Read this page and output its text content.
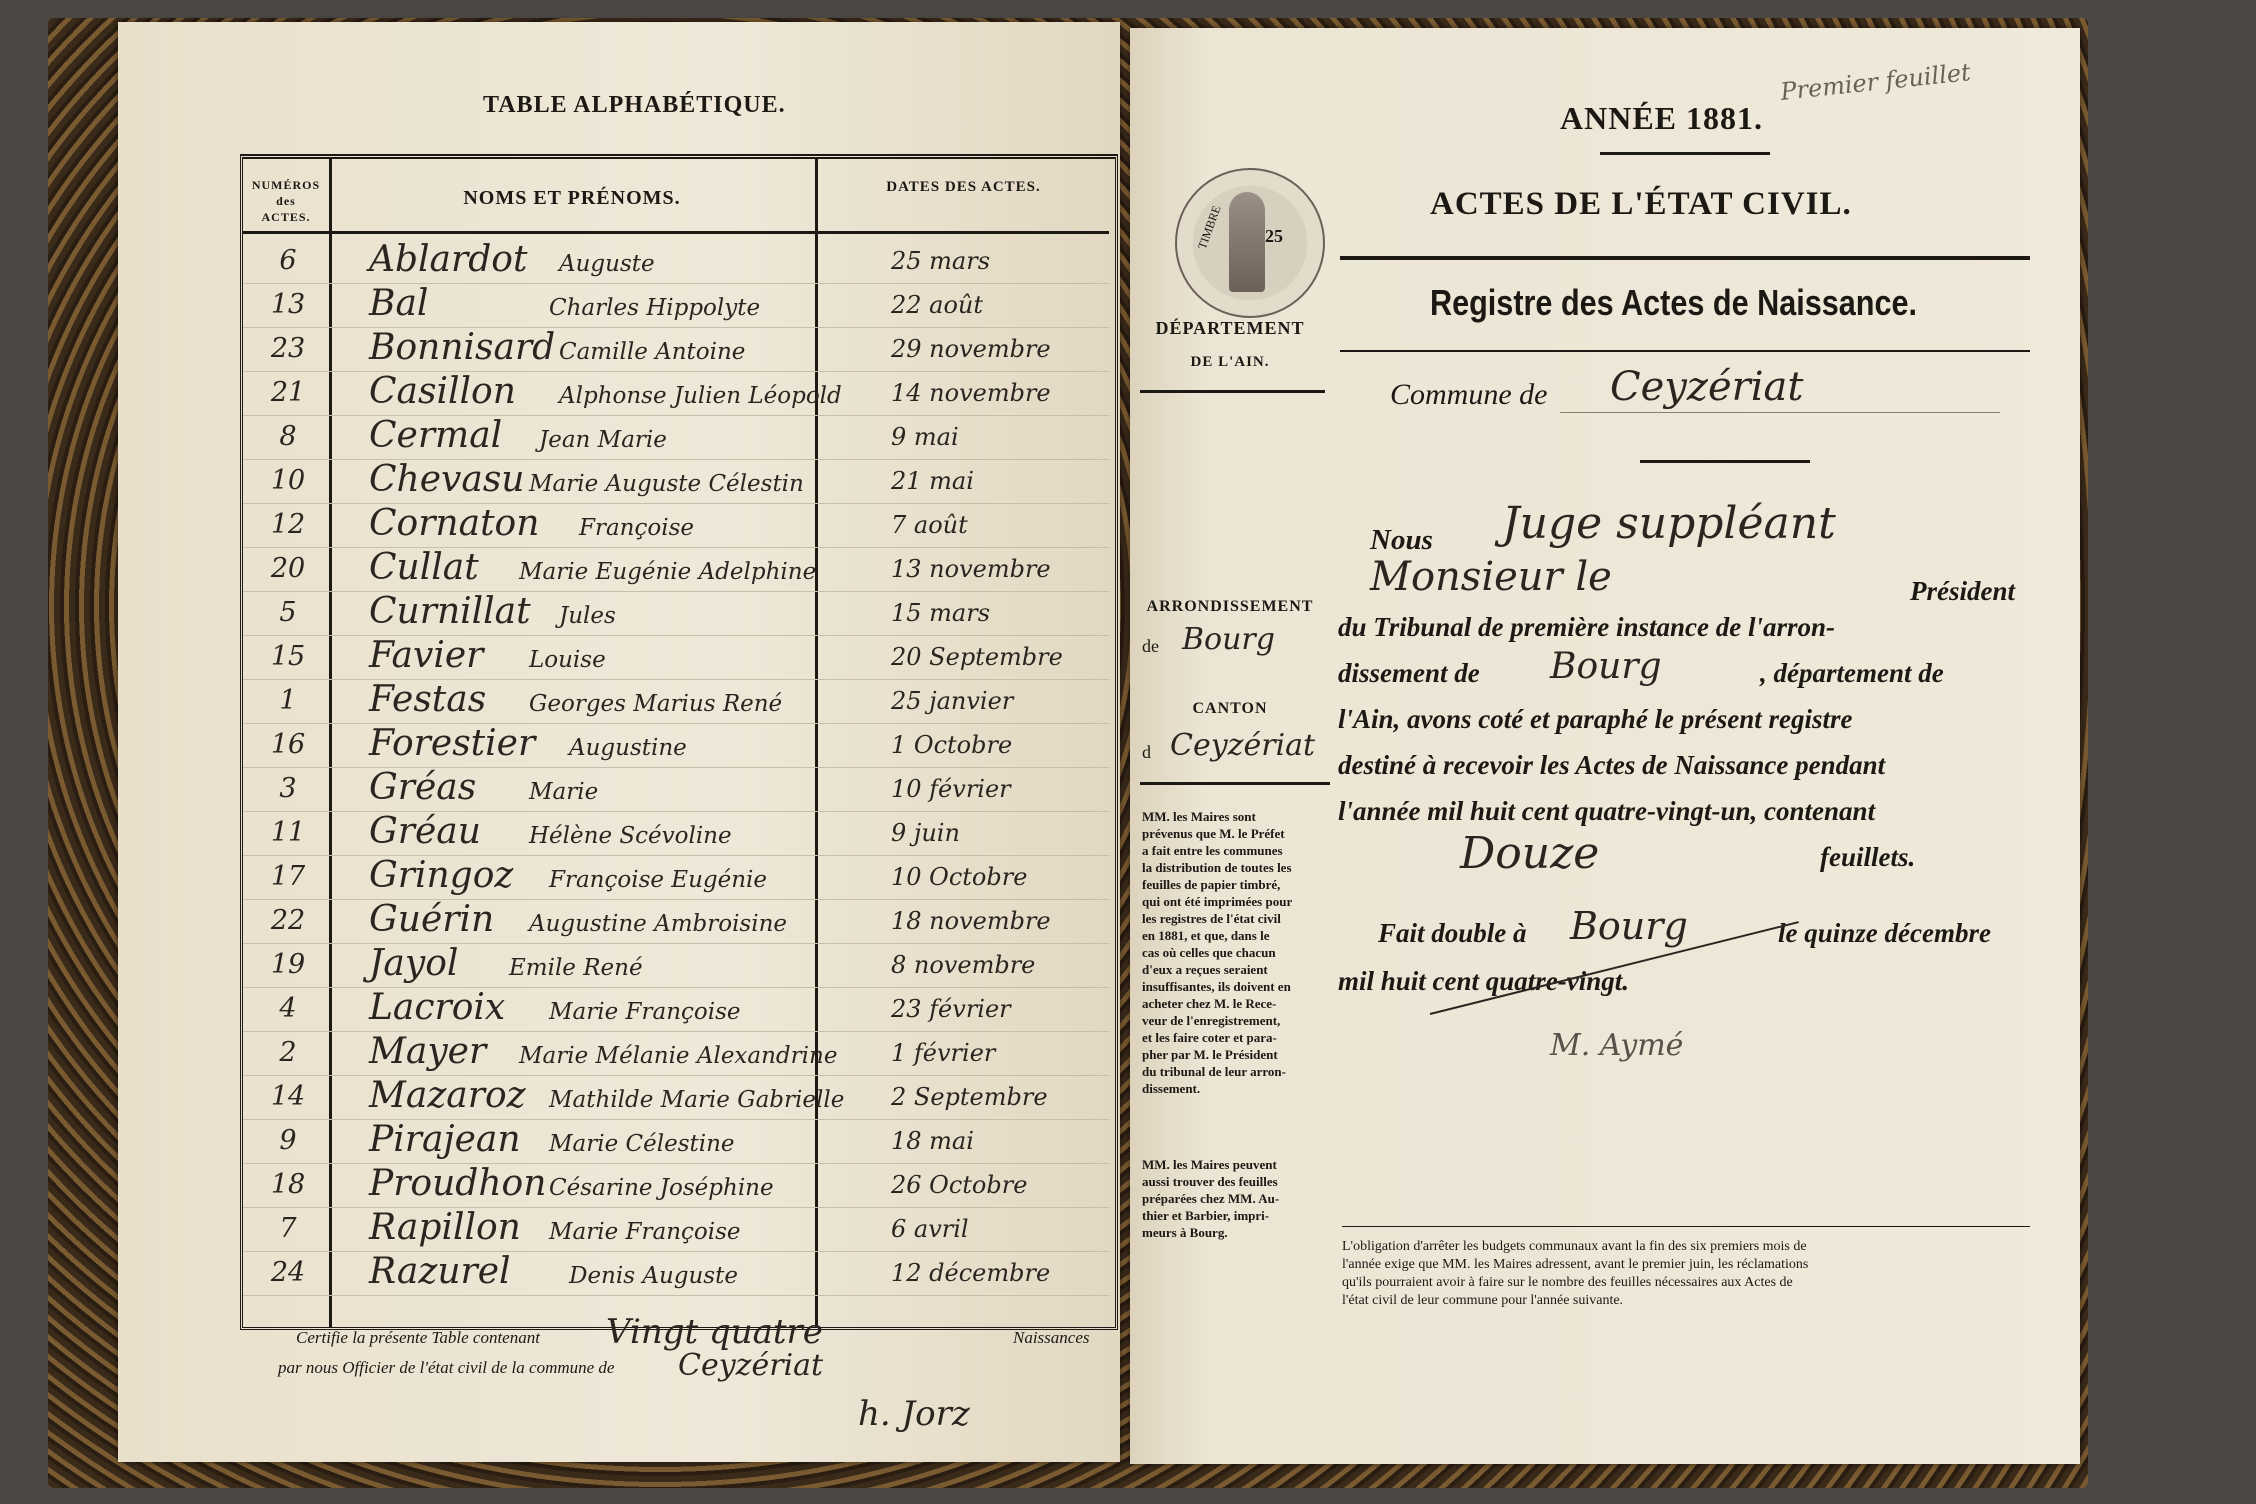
TABLE ALPHABÉTIQUE.
NUMÉROS
des
ACTES.
NOMS ET PRÉNOMS.	DATES DES ACTES.
6	Ablardot Auguste	25 mars
13	Bal	Charles Hippolyte	22 août
23	Bonnisard Camille Antoine	29 novembre
21	Casillon Alphonse Julien Léopold 14 novembre
8	Cermal Jean Marie	9 mai
10	Chevasu Marie Auguste Célestin	21 mai
12	Cornaton Françoise	7 août
20	Cullat Marie Eugénie Adelphine	13 novembre
5	Curnillat Jules	15 mars
15	Favier Louise	20 Septembre
1	Festas Georges Marius René	25 janvier
16	Forestier Augustine	1 Octobre
3	Gréas Marie	10 février
11	Gréau Hélène Scévoline	9 juin
17	Gringoz Françoise Eugénie	10 Octobre
22	Guérin Augustine Ambroisine	18 novembre
19	Jayol Emile René	8 novembre
4	Lacroix Marie Françoise	23 février
2	Mayer Marie Mélanie Alexandrine 1 février
14	Mazaroz Mathilde Marie Gabrielle 2 Septembre
9	Pirajean Marie Célestine	18 mai
18	Proudhon Césarine Joséphine	26 Octobre
7	Rapillon Marie Françoise	6 avril
24	Razurel	Denis Auguste	12 décembre
Certifie la présente Table contenant Vingt quatre	Naissances
par nous Officier de l'état civil de la commune de Ceyzériat
h. Jorz
Premier feuillet
ANNÉE 1881.
ACTES DE L'ÉTAT CIVIL.
Registre des Actes de Naissance.
TIMBRE 25
DÉPARTEMENT
DE L'AIN.
Commune de Ceyzériat
Nous Juge suppléant
Monsieur le	Président
ARRONDISSEMENT
de Bourg
CANTON
d Ceyzériat
du Tribunal de première instance de l'arron-
dissement de Bourg	, département de
l'Ain, avons coté et paraphé le présent registre
destiné à recevoir les Actes de Naissance pendant
l'année mil huit cent quatre-vingt-un, contenant
Douze	feuillets.
Fait double à Bourg	le quinze décembre
mil huit cent quatre-vingt.
M. Aymé
MM. les Maires sont
prévenus que M. le Préfet
a fait entre les communes
la distribution de toutes les
feuilles de papier timbré,
qui ont été imprimées pour
les registres de l'état civil
en 1881, et que, dans le
cas où celles que chacun
d'eux a reçues seraient
insuffisantes, ils doivent en
acheter chez M. le Rece-
veur de l'enregistrement,
et les faire coter et para-
pher par M. le Président
du tribunal de leur arron-
dissement.
MM. les Maires peuvent
aussi trouver des feuilles
préparées chez MM. Au-
thier et Barbier, impri-
meurs à Bourg.
L'obligation d'arrêter les budgets communaux avant la fin des six premiers mois de
l'année exige que MM. les Maires adressent, avant le premier juin, les réclamations
qu'ils pourraient avoir à faire sur le nombre des feuilles nécessaires aux Actes de
l'état civil de leur commune pour l'année suivante.
